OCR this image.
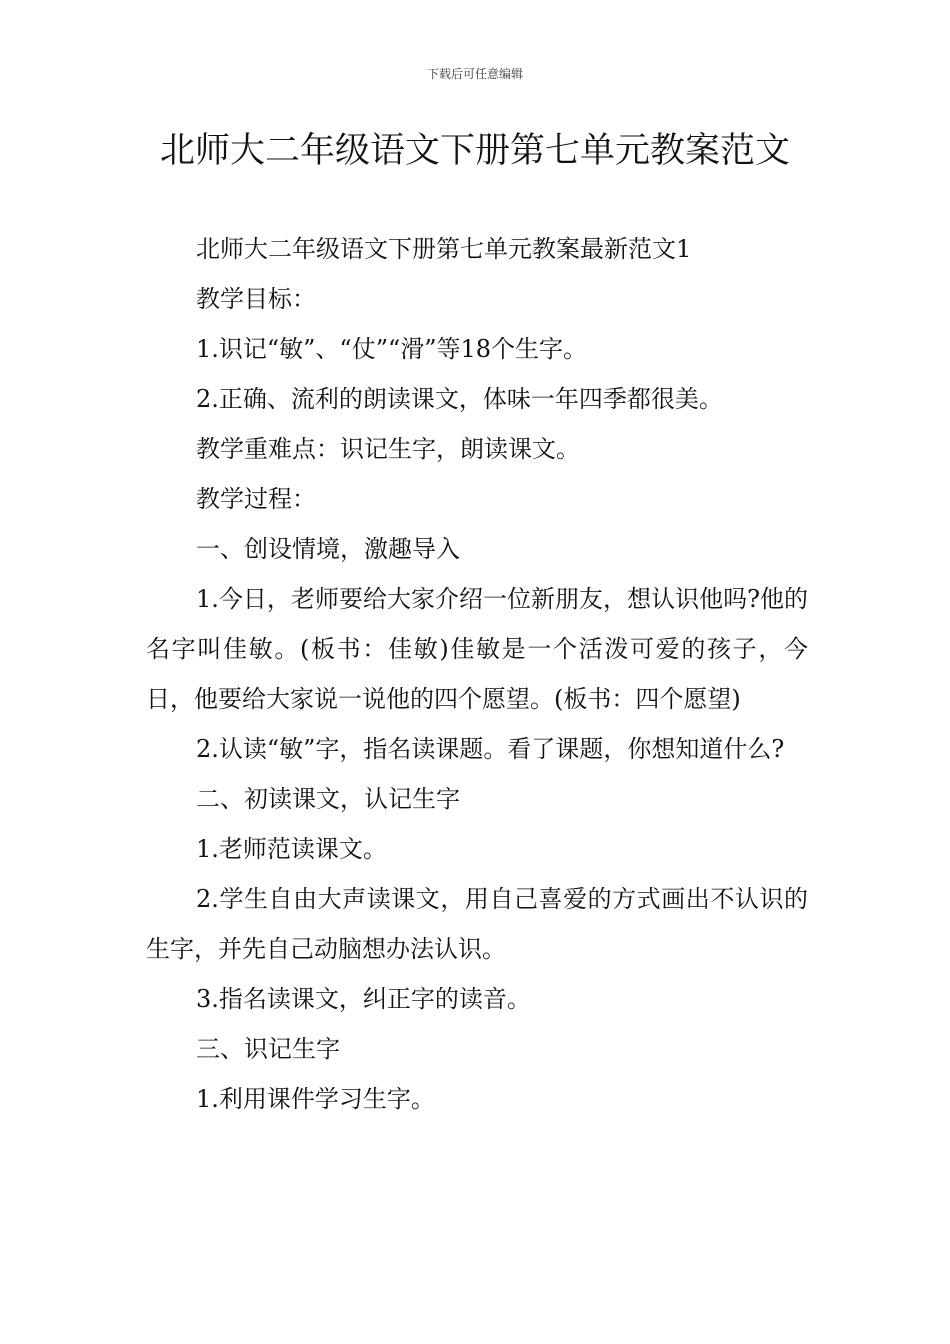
下载后可任意编辑
北师大二年级语文下册第七单元教案范文

北师大二年级语文下册第七单元教案最新范文1

教学目标：

1.识记“敏”、“仗”“滑”等18个生字。

2.正确、流利的朗读课文，体味一年四季都很美。

教学重难点：识记生字，朗读课文。

教学过程：

一、创设情境，激趣导入

1.今日，老师要给大家介绍一位新朋友，想认识他吗?他的名字叫佳敏。(板书：佳敏)佳敏是一个活泼可爱的孩子，今日，他要给大家说一说他的四个愿望。(板书：四个愿望)

2.认读“敏”字，指名读课题。看了课题，你想知道什么?

二、初读课文，认记生字

1.老师范读课文。

2.学生自由大声读课文，用自己喜爱的方式画出不认识的生字，并先自己动脑想办法认识。

3.指名读课文，纠正字的读音。

三、识记生字

1.利用课件学习生字。
